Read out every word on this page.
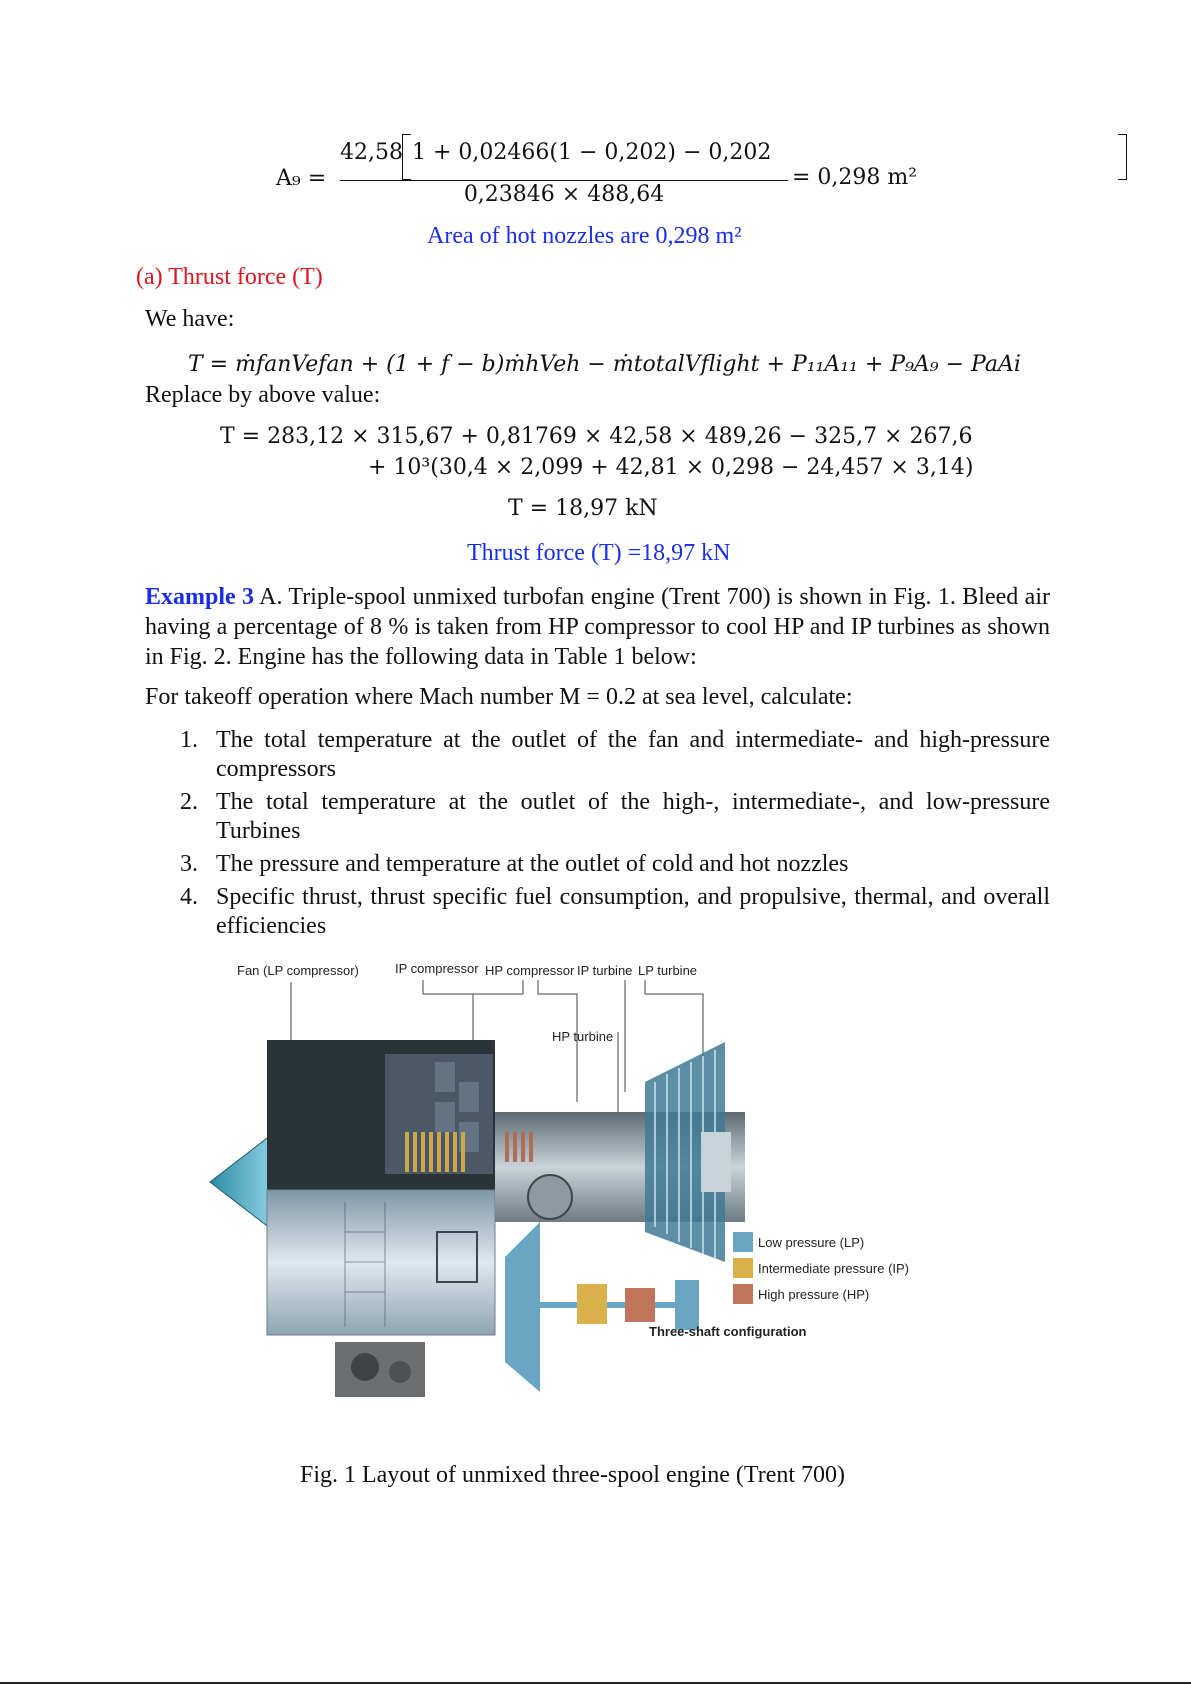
A₉ =
42,58 1 + 0,02466(1 − 0,202) − 0,202
0,23846 × 488,64
= 0,298 m²
Area of hot nozzles are 0,298 m²
(a) Thrust force (T)
We have:
T = ṁfanVefan + (1 + f − b)ṁhVeh − ṁtotalVflight + P₁₁A₁₁ + P₉A₉ − PaAi
Replace by above value:
T = 283,12 × 315,67 + 0,81769 × 42,58 × 489,26 − 325,7 × 267,6
+ 10³(30,4 × 2,099 + 42,81 × 0,298 − 24,457 × 3,14)
T = 18,97 kN
Thrust force (T) =18,97 kN
Example 3 A. Triple-spool unmixed turbofan engine (Trent 700) is shown in Fig. 1. Bleed air having a percentage of 8 % is taken from HP compressor to cool HP and IP turbines as shown in Fig. 2. Engine has the following data in Table 1 below:
For takeoff operation where Mach number M = 0.2 at sea level, calculate:
1. The total temperature at the outlet of the fan and intermediate- and high-pressure compressors
2. The total temperature at the outlet of the high-, intermediate-, and low-pressure Turbines
3. The pressure and temperature at the outlet of cold and hot nozzles
4. Specific thrust, thrust specific fuel consumption, and propulsive, thermal, and overall efficiencies
Fan (LP compressor)	IP compressor HP compressor IP turbine LP turbine
HP turbine
Low pressure (LP)
Intermediate pressure (IP)
High pressure (HP)
Three-shaft configuration
Fig. 1 Layout of unmixed three-spool engine (Trent 700)
